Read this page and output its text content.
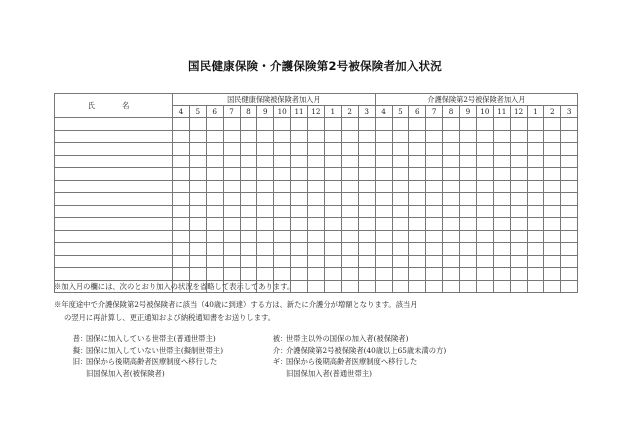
国民健康保険・介護保険第2号被保険者加入状況
氏　名	国民健康保険被保険者加入月												介護保険第2号被保険者加入月											
	4	5	6	7	8	9	10	11	12	1	2	3	4	5	6	7	8	9	10	11	12	1	2	3

※加入月の欄には、次のとおり加入の状況を省略して表示してあります。

※年度途中で介護保険第2号被保険者に該当（40歳に到達）する方は、新たに介護分が増額となります。該当月

の翌月に再計算し、更正通知および納税通知書をお送りします。

普 ：
国保に加入している世帯主(普通世帯主)
擬 ：
国保に加入していない世帯主(擬制世帯主)
旧 ：
国保から後期高齢者医療制度へ移行した
旧国保加入者(被保険者)
被 ：
世帯主以外の国保の加入者(被保険者)
介 ：
介護保険第2号被保険者(40歳以上65歳未満の方)
ギ ：
国保から後期高齢者医療制度へ移行した
旧国保加入者(普通世帯主)
